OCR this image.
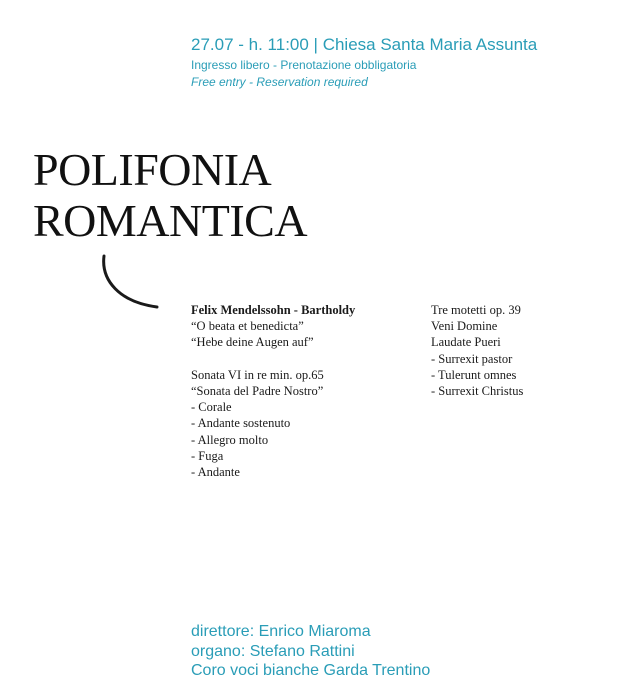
27.07 - h. 11:00 | Chiesa Santa Maria Assunta
Ingresso libero - Prenotazione obbligatoria
Free entry - Reservation required
POLIFONIA
ROMANTICA
Felix Mendelssohn - Bartholdy
“O beata et benedicta”
“Hebe deine Augen auf”
Sonata VI in re min. op.65
“Sonata del Padre Nostro”
- Corale
- Andante sostenuto
- Allegro molto
- Fuga
- Andante
Tre motetti op. 39
Veni Domine
Laudate Pueri
- Surrexit pastor
- Tulerunt omnes
- Surrexit Christus
direttore: Enrico Miaroma
organo: Stefano Rattini
Coro voci bianche Garda Trentino
